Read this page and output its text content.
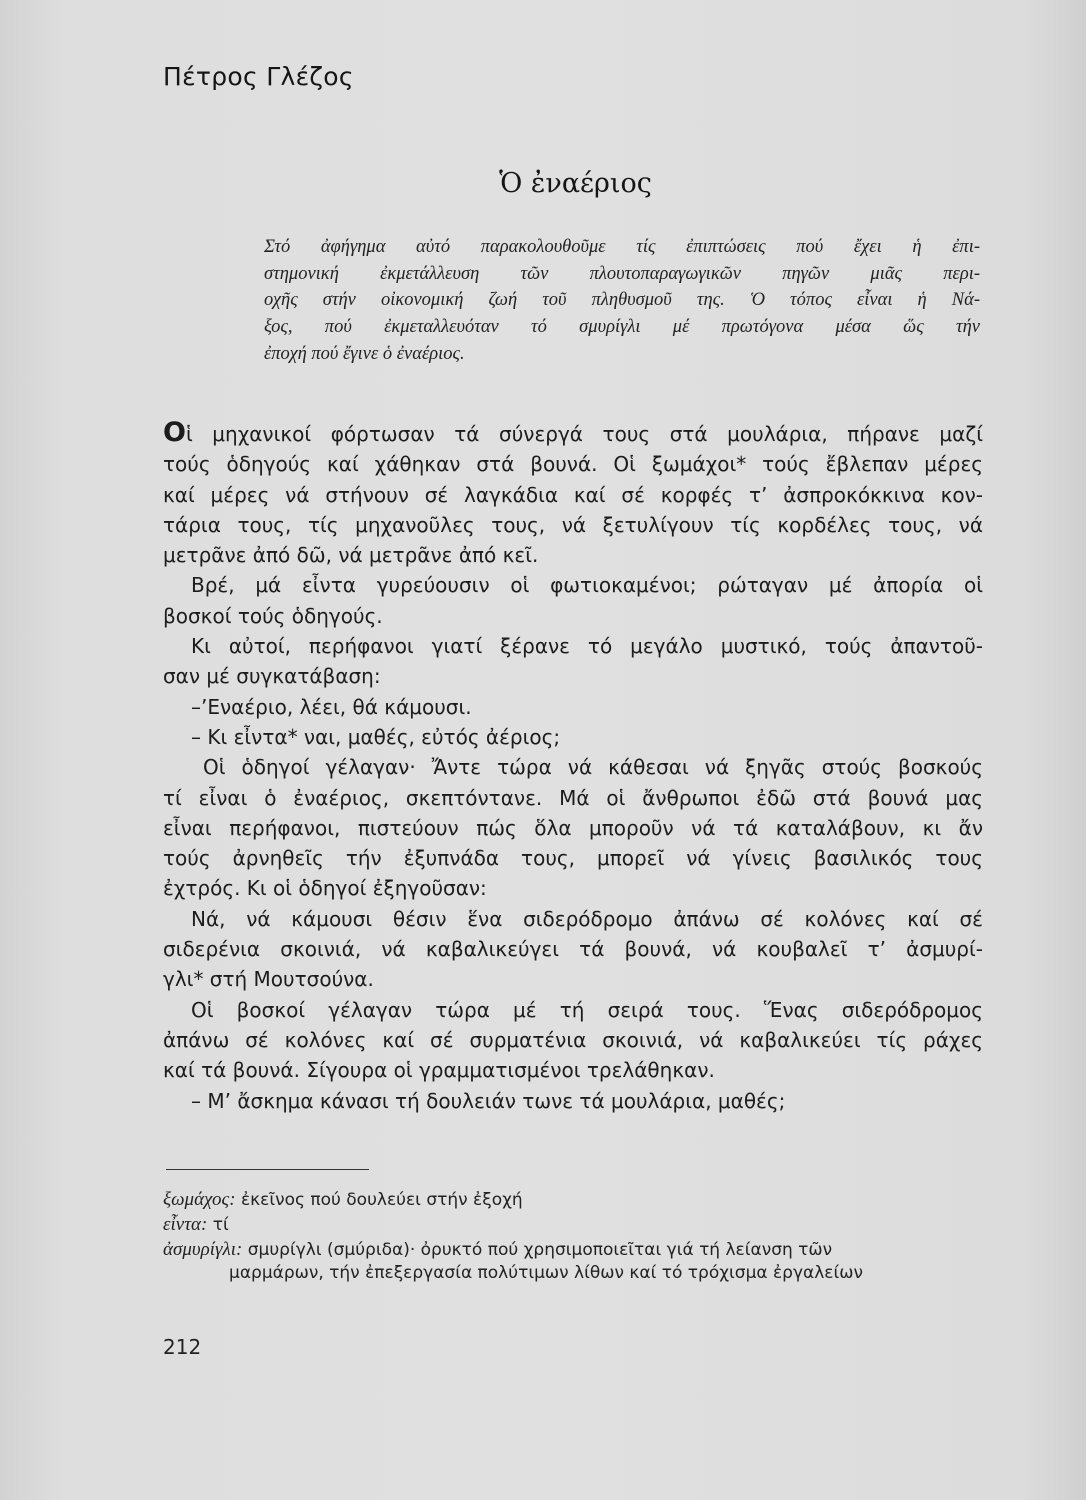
Πέτρος Γλέζος
Ὁ ἐναέριος
Στό ἀφήγημα αὐτό παρακολουθοῦμε τίς ἐπιπτώσεις πού ἔχει ἡ ἐπι-
στημονική ἐκμετάλλευση τῶν πλουτοπαραγωγικῶν πηγῶν μιᾶς περι-
οχῆς στήν οἰκονομική ζωή τοῦ πληθυσμοῦ της. Ὁ τόπος εἶναι ἡ Νά-
ξος, πού ἐκμεταλλευόταν τό σμυρίγλι μέ πρωτόγονα μέσα ὥς τήν
ἐποχή πού ἔγινε ὁ ἐναέριος.
Οἱ μηχανικοί φόρτωσαν τά σύνεργά τους στά μουλάρια, πήρανε μαζί
τούς ὁδηγούς καί χάθηκαν στά βουνά. Οἱ ξωμάχοι* τούς ἔβλεπαν μέρες
καί μέρες νά στήνουν σέ λαγκάδια καί σέ κορφές τ’ ἀσπροκόκκινα κον-
τάρια τους, τίς μηχανοῦλες τους, νά ξετυλίγουν τίς κορδέλες τους, νά
μετρᾶνε ἀπό δῶ, νά μετρᾶνε ἀπό κεῖ.
Βρέ, μά εἶντα γυρεύουσιν οἱ φωτιοκαμένοι; ρώταγαν μέ ἀπορία οἱ
βοσκοί τούς ὁδηγούς.
Κι αὐτοί, περήφανοι γιατί ξέρανε τό μεγάλο μυστικό, τούς ἀπαντοῦ-
σαν μέ συγκατάβαση:
–’Εναέριο, λέει, θά κάμουσι.
– Κι εἶντα* ναι, μαθές, εὐτός ἀέριος;
Οἱ ὁδηγοί γέλαγαν· Ἄντε τώρα νά κάθεσαι νά ξηγᾶς στούς βοσκούς
τί εἶναι ὁ ἐναέριος, σκεπτόντανε. Μά οἱ ἄνθρωποι ἐδῶ στά βουνά μας
εἶναι περήφανοι, πιστεύουν πώς ὅλα μποροῦν νά τά καταλάβουν, κι ἄν
τούς ἀρνηθεῖς τήν ἐξυπνάδα τους, μπορεῖ νά γίνεις βασιλικός τους
ἐχτρός. Κι οἱ ὁδηγοί ἐξηγοῦσαν:
Νά, νά κάμουσι θέσιν ἕνα σιδερόδρομο ἀπάνω σέ κολόνες καί σέ
σιδερένια σκοινιά, νά καβαλικεύγει τά βουνά, νά κουβαλεῖ τ’ ἀσμυρί-
γλι* στή Μουτσούνα.
Οἱ βοσκοί γέλαγαν τώρα μέ τή σειρά τους. Ἕνας σιδερόδρομος
ἀπάνω σέ κολόνες καί σέ συρματένια σκοινιά, νά καβαλικεύει τίς ράχες
καί τά βουνά. Σίγουρα οἱ γραμματισμένοι τρελάθηκαν.
– Μ’ ἄσκημα κάνασι τή δουλειάν τωνε τά μουλάρια, μαθές;
ξωμάχος: ἐκεῖνος πού δουλεύει στήν ἐξοχή
εἶντα: τί
ἀσμυρίγλι: σμυρίγλι (σμύριδα)· ὀρυκτό πού χρησιμοποιεῖται γιά τή λείανση τῶν
μαρμάρων, τήν ἐπεξεργασία πολύτιμων λίθων καί τό τρόχισμα ἐργαλείων
212
